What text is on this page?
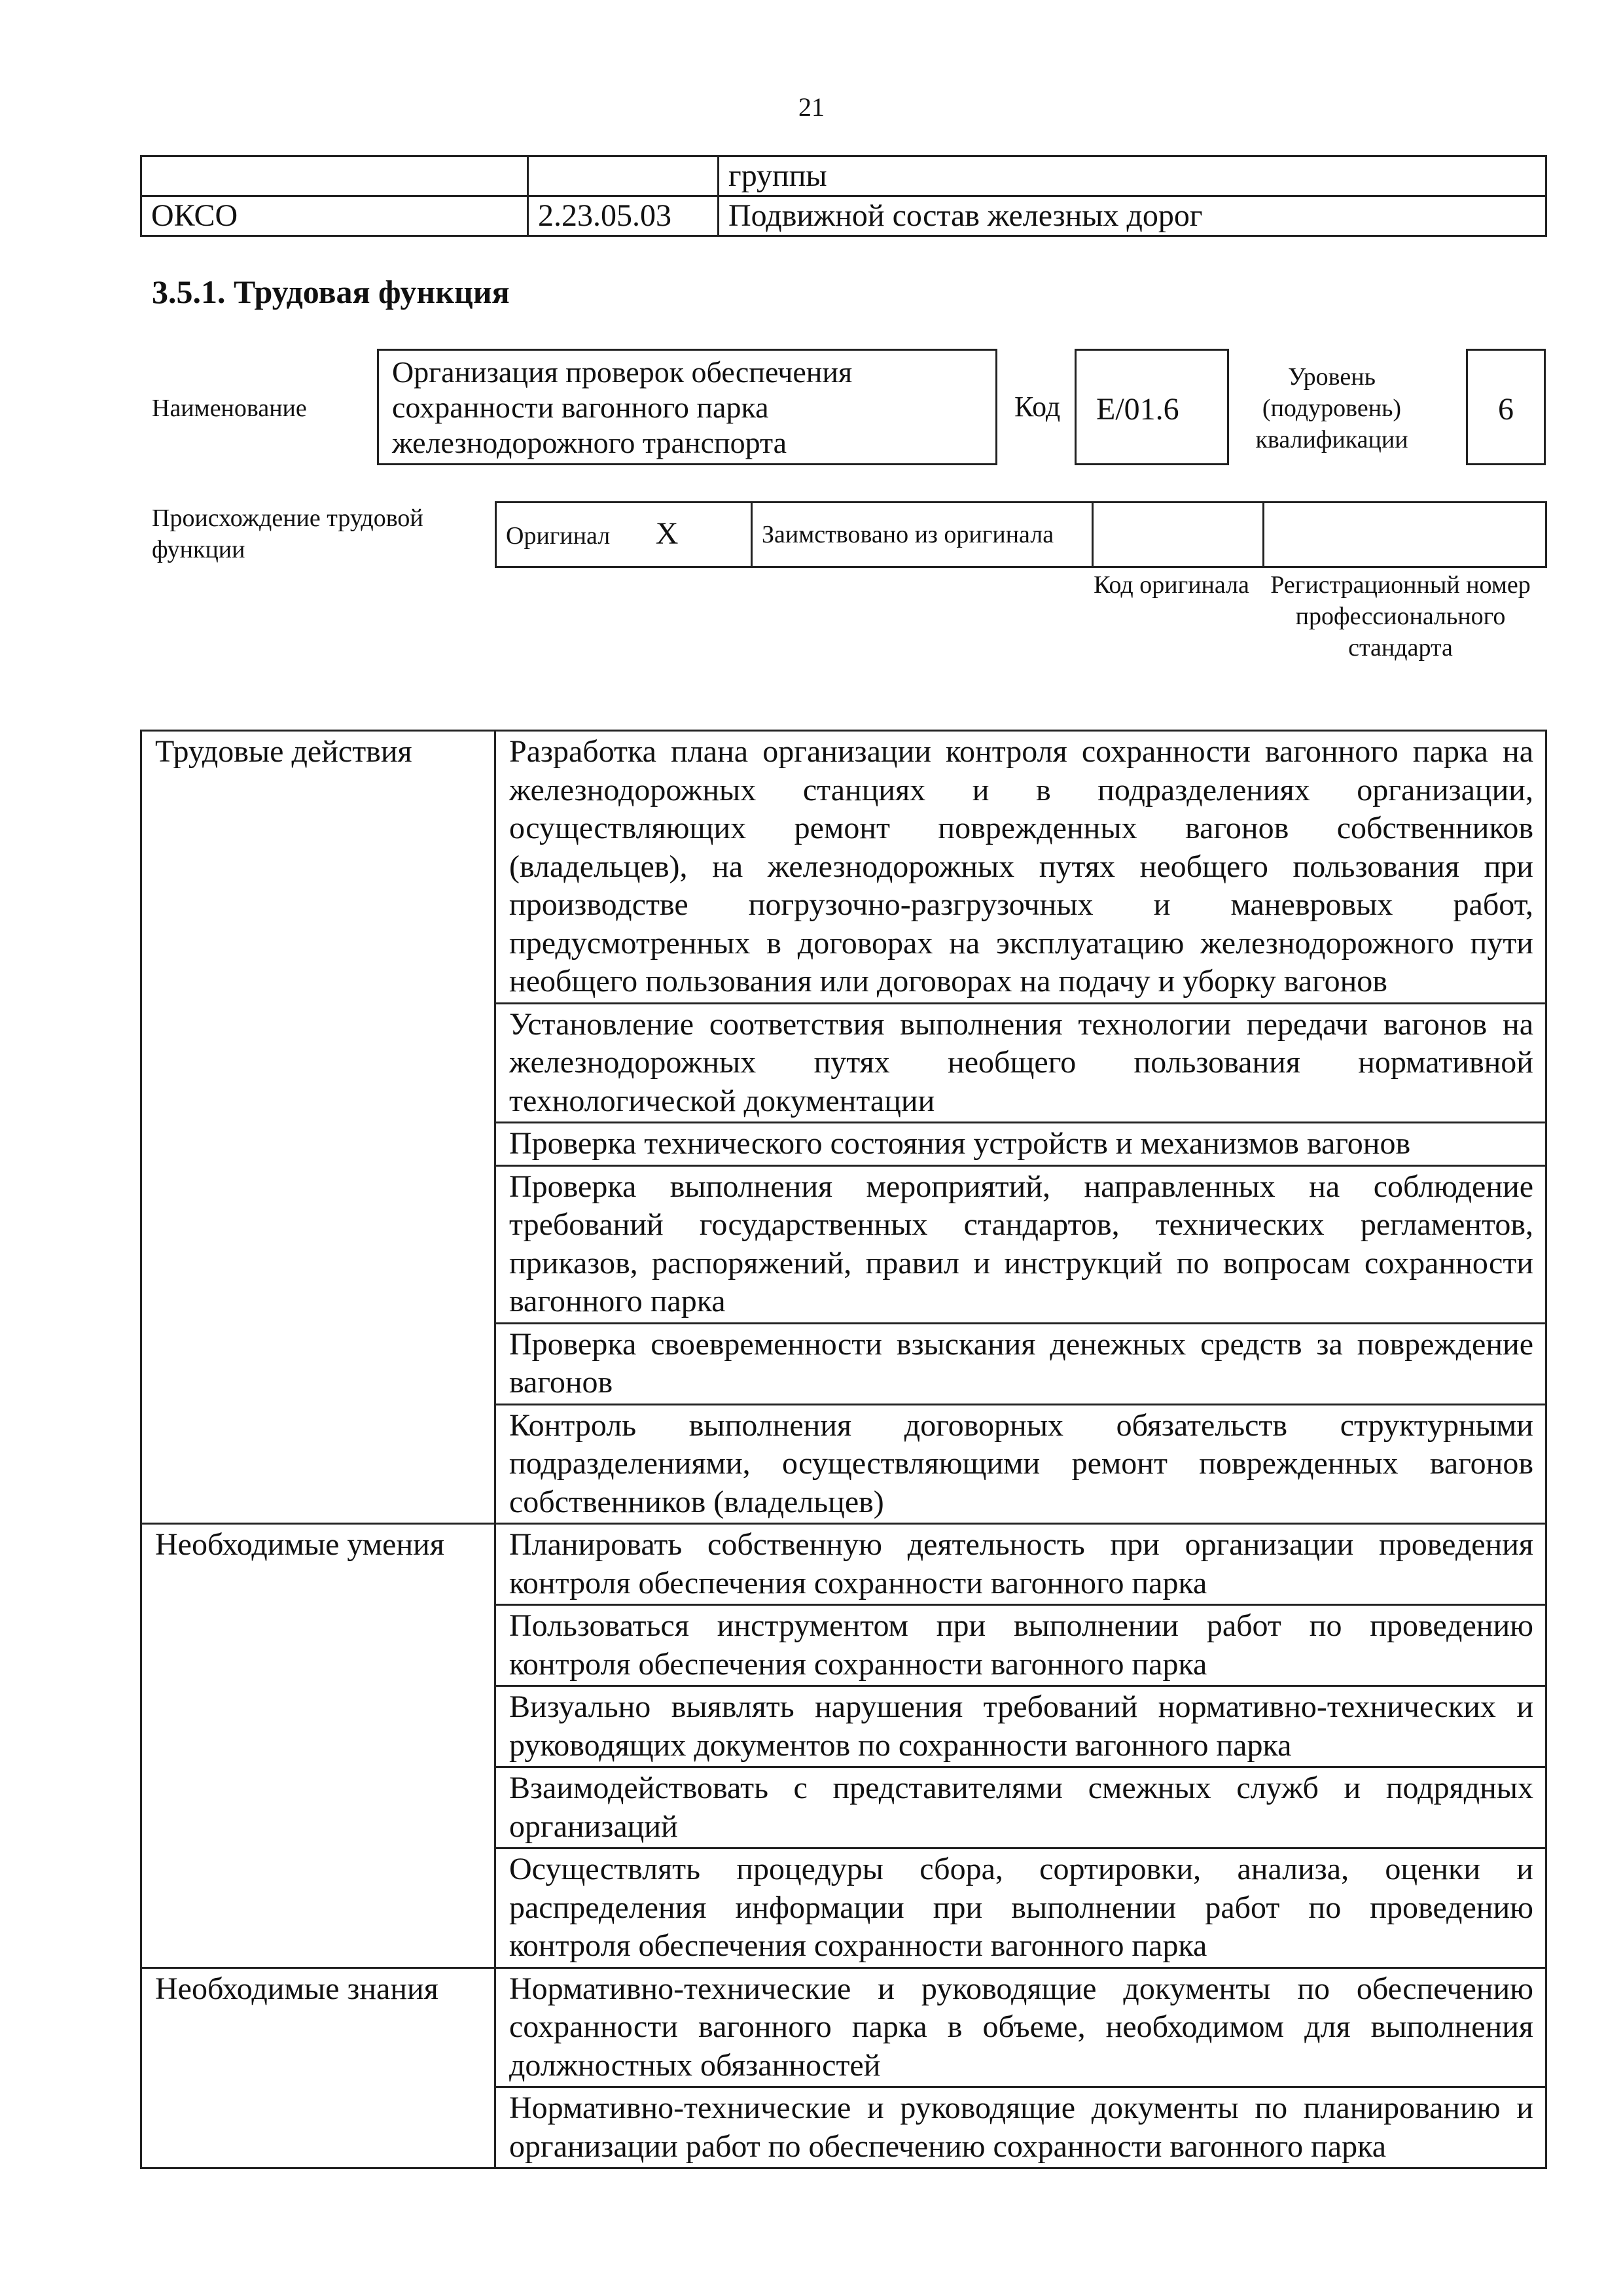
21
		группы
ОКСО	2.23.05.03	Подвижной состав железных дорог
3.5.1. Трудовая функция
Наименование
Организация проверок обеспечения сохранности вагонного парка железнодорожного транспорта
Код	E/01.6
Уровень (подуровень) квалификации
6
Происхождение трудовой функции
Оригинал X	Заимствовано из оригинала		
Код оригинала Регистрационный номер профессионального стандарта
Трудовые действия	Разработка плана организации контроля сохранности вагонного парка на железнодорожных станциях и в подразделениях организации, осуществляющих ремонт поврежденных вагонов собственников (владельцев), на железнодорожных путях необщего пользования при производстве погрузочно-разгрузочных и маневровых работ, предусмотренных в договорах на эксплуатацию железнодорожного пути необщего пользования или договорах на подачу и уборку вагонов
	Установление соответствия выполнения технологии передачи вагонов на железнодорожных путях необщего пользования нормативной технологической документации
	Проверка технического состояния устройств и механизмов вагонов
	Проверка выполнения мероприятий, направленных на соблюдение требований государственных стандартов, технических регламентов, приказов, распоряжений, правил и инструкций по вопросам сохранности вагонного парка
	Проверка своевременности взыскания денежных средств за повреждение вагонов
	Контроль выполнения договорных обязательств структурными подразделениями, осуществляющими ремонт поврежденных вагонов собственников (владельцев)
Необходимые умения	Планировать собственную деятельность при организации проведения контроля обеспечения сохранности вагонного парка
	Пользоваться инструментом при выполнении работ по проведению контроля обеспечения сохранности вагонного парка
	Визуально выявлять нарушения требований нормативно-технических и руководящих документов по сохранности вагонного парка
	Взаимодействовать с представителями смежных служб и подрядных организаций
	Осуществлять процедуры сбора, сортировки, анализа, оценки и распределения информации при выполнении работ по проведению контроля обеспечения сохранности вагонного парка
Необходимые знания	Нормативно-технические и руководящие документы по обеспечению сохранности вагонного парка в объеме, необходимом для выполнения должностных обязанностей
	Нормативно-технические и руководящие документы по планированию и организации работ по обеспечению сохранности вагонного парка
